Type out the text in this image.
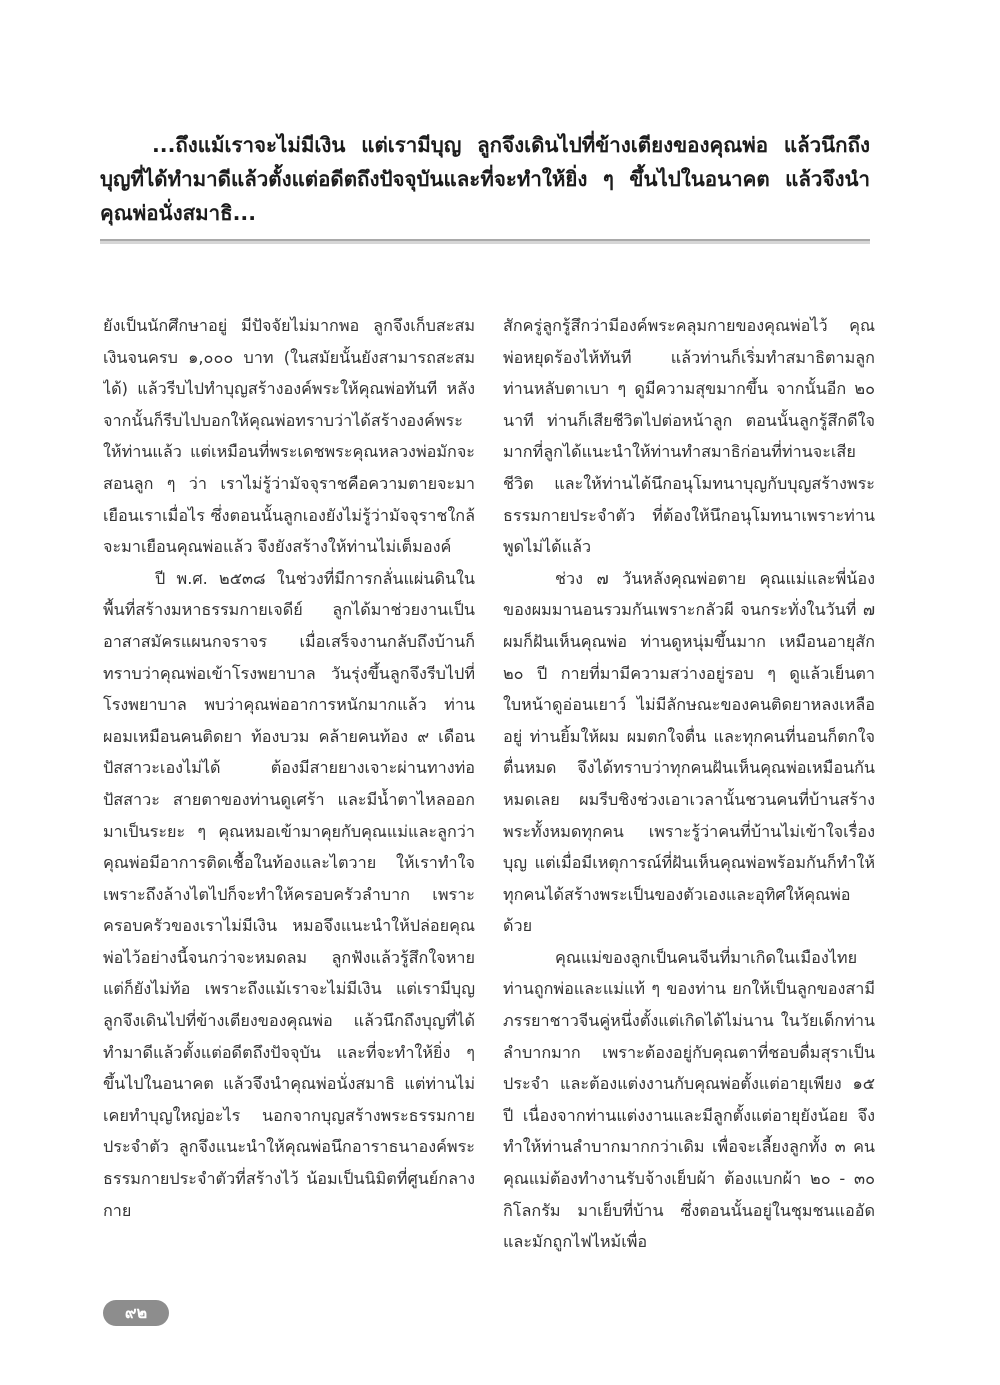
...ถึงแม้เราจะไม่มีเงิน แต่เรามีบุญ ลูกจึงเดินไปที่ข้างเตียงของคุณพ่อ แล้วนึกถึงบุญที่ได้ทำมาดีแล้วตั้งแต่อดีตถึงปัจจุบันและที่จะทำให้ยิ่ง ๆ ขึ้นไปในอนาคต แล้วจึงนำคุณพ่อนั่งสมาธิ...

ยังเป็นนักศึกษาอยู่ มีปัจจัยไม่มากพอ ลูกจึงเก็บสะสมเงินจนครบ ๑,๐๐๐ บาท (ในสมัยนั้นยังสามารถสะสมได้) แล้วรีบไปทำบุญสร้างองค์พระให้คุณพ่อทันที หลังจากนั้นก็รีบไปบอกให้คุณพ่อทราบว่าได้สร้างองค์พระให้ท่านแล้ว แต่เหมือนที่พระเดชพระคุณหลวงพ่อมักจะสอนลูก ๆ ว่า เราไม่รู้ว่ามัจจุราชคือความตายจะมาเยือนเราเมื่อไร ซึ่งตอนนั้นลูกเองยังไม่รู้ว่ามัจจุราชใกล้จะมาเยือนคุณพ่อแล้ว จึงยังสร้างให้ท่านไม่เต็มองค์

ปี พ.ศ. ๒๕๓๘ ในช่วงที่มีการกลั่นแผ่นดินในพื้นที่สร้างมหาธรรมกายเจดีย์ ลูกได้มาช่วยงานเป็นอาสาสมัครแผนกจราจร เมื่อเสร็จงานกลับถึงบ้านก็ทราบว่าคุณพ่อเข้าโรงพยาบาล วันรุ่งขึ้นลูกจึงรีบไปที่โรงพยาบาล พบว่าคุณพ่ออาการหนักมากแล้ว ท่านผอมเหมือนคนติดยา ท้องบวม คล้ายคนท้อง ๙ เดือน ปัสสาวะเองไม่ได้ ต้องมีสายยางเจาะผ่านทางท่อปัสสาวะ สายตาของท่านดูเศร้า และมีน้ำตาไหลออกมาเป็นระยะ ๆ คุณหมอเข้ามาคุยกับคุณแม่และลูกว่าคุณพ่อมีอาการติดเชื้อในท้องและไตวาย ให้เราทำใจ เพราะถึงล้างไตไปก็จะทำให้ครอบครัวลำบาก เพราะครอบครัวของเราไม่มีเงิน หมอจึงแนะนำให้ปล่อยคุณพ่อไว้อย่างนี้จนกว่าจะหมดลม ลูกฟังแล้วรู้สึกใจหายแต่ก็ยังไม่ท้อ เพราะถึงแม้เราจะไม่มีเงิน แต่เรามีบุญ ลูกจึงเดินไปที่ข้างเตียงของคุณพ่อ แล้วนึกถึงบุญที่ได้ทำมาดีแล้วตั้งแต่อดีตถึงปัจจุบัน และที่จะทำให้ยิ่ง ๆ ขึ้นไปในอนาคต แล้วจึงนำคุณพ่อนั่งสมาธิ แต่ท่านไม่เคยทำบุญใหญ่อะไร นอกจากบุญสร้างพระธรรมกายประจำตัว ลูกจึงแนะนำให้คุณพ่อนึกอาราธนาองค์พระธรรมกายประจำตัวที่สร้างไว้ น้อมเป็นนิมิตที่ศูนย์กลางกาย

สักครู่ลูกรู้สึกว่ามีองค์พระคลุมกายของคุณพ่อไว้ คุณพ่อหยุดร้องไห้ทันที แล้วท่านก็เริ่มทำสมาธิตามลูก ท่านหลับตาเบา ๆ ดูมีความสุขมากขึ้น จากนั้นอีก ๒๐ นาที ท่านก็เสียชีวิตไปต่อหน้าลูก ตอนนั้นลูกรู้สึกดีใจมากที่ลูกได้แนะนำให้ท่านทำสมาธิก่อนที่ท่านจะเสียชีวิต และให้ท่านได้นึกอนุโมทนาบุญกับบุญสร้างพระธรรมกายประจำตัว ที่ต้องให้นึกอนุโมทนาเพราะท่านพูดไม่ได้แล้ว

ช่วง ๗ วันหลังคุณพ่อตาย คุณแม่และพี่น้องของผมมานอนรวมกันเพราะกลัวผี จนกระทั่งในวันที่ ๗ ผมก็ฝันเห็นคุณพ่อ ท่านดูหนุ่มขึ้นมาก เหมือนอายุสัก ๒๐ ปี กายที่มามีความสว่างอยู่รอบ ๆ ดูแล้วเย็นตา ใบหน้าดูอ่อนเยาว์ ไม่มีลักษณะของคนติดยาหลงเหลืออยู่ ท่านยิ้มให้ผม ผมตกใจตื่น และทุกคนที่นอนก็ตกใจตื่นหมด จึงได้ทราบว่าทุกคนฝันเห็นคุณพ่อเหมือนกันหมดเลย ผมรีบชิงช่วงเอาเวลานั้นชวนคนที่บ้านสร้างพระทั้งหมดทุกคน เพราะรู้ว่าคนที่บ้านไม่เข้าใจเรื่องบุญ แต่เมื่อมีเหตุการณ์ที่ฝันเห็นคุณพ่อพร้อมกันก็ทำให้ทุกคนได้สร้างพระเป็นของตัวเองและอุทิศให้คุณพ่อด้วย

คุณแม่ของลูกเป็นคนจีนที่มาเกิดในเมืองไทย ท่านถูกพ่อและแม่แท้ ๆ ของท่าน ยกให้เป็นลูกของสามีภรรยาชาวจีนคู่หนึ่งตั้งแต่เกิดได้ไม่นาน ในวัยเด็กท่านลำบากมาก เพราะต้องอยู่กับคุณตาที่ชอบดื่มสุราเป็นประจำ และต้องแต่งงานกับคุณพ่อตั้งแต่อายุเพียง ๑๕ ปี เนื่องจากท่านแต่งงานและมีลูกตั้งแต่อายุยังน้อย จึงทำให้ท่านลำบากมากกว่าเดิม เพื่อจะเลี้ยงลูกทั้ง ๓ คน คุณแม่ต้องทำงานรับจ้างเย็บผ้า ต้องแบกผ้า ๒๐ - ๓๐ กิโลกรัม มาเย็บที่บ้าน ซึ่งตอนนั้นอยู่ในชุมชนแออัด และมักถูกไฟไหม้เพื่อ

๙๒
